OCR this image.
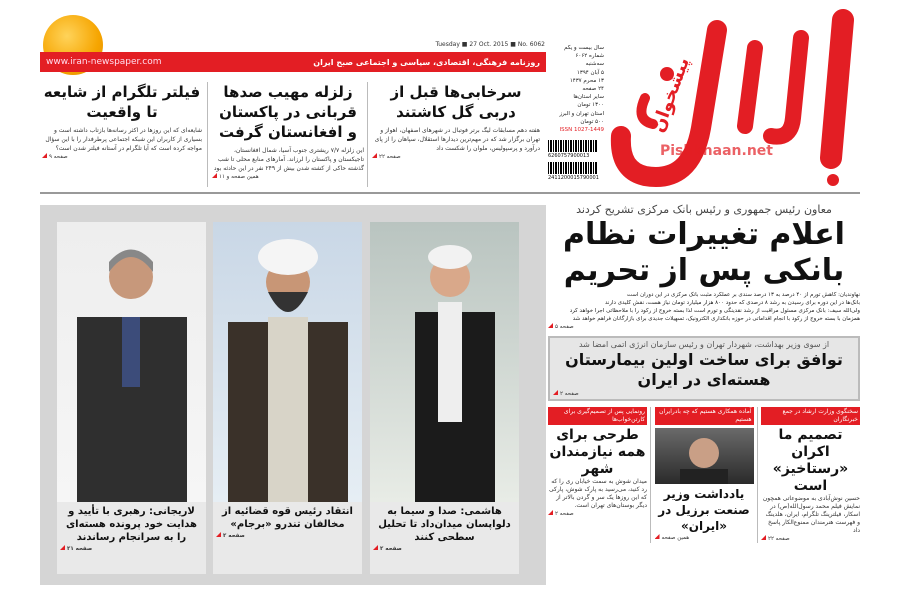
Tuesday ■ 27 Oct. 2015 ■ No. 6062
www.iran-newspaper.com	روزنامه فرهنگی، اقتصادی، سیاسی و اجتماعی صبح ایران	پیشخوان
Pishkhaan.net
سال بیست و یکم
شماره ۶۰۶۲
سه‌شنبه
۵ آبان ۱۳۹۴
۱۳ محرم ۱۴۳۷
۲۴ صفحه
سایر استان‌ها
۱۳۰۰ تومان
استان تهران و البرز
۵۰۰ تومان
ISSN 1027-1449
6260757900013
2411200015790001
سرخابی‌ها قبل از دربی گل کاشتند

هفته دهم مسابقات لیگ برتر فوتبال در شهرهای اصفهان، اهواز و تهران برگزار شد که در مهم‌ترین دیدارها استقلال، سپاهان را از پای درآورد و پرسپولیس، ملوان را شکست داد

صفحه ۲۲
زلزله مهیب صدها قربانی در پاکستان و افغانستان گرفت

این زلزله ۷/۷ ریشتری جنوب آسیا، شمال افغانستان، تاجیکستان و پاکستان را لرزاند. آمارهای منابع محلی تا شب گذشته حاکی از کشته شدن بیش از ۲۴۹ نفر در این حادثه بود

همین صفحه و ۱۱
فیلتر تلگرام از شایعه تا واقعیت

شایعه‌ای که این روزها در اکثر رسانه‌ها بازتاب داشته است و بسیاری از کاربران این شبکه اجتماعی پرطرفدار را با این سؤال مواجه کرده است که آیا تلگرام در آستانه فیلتر شدن است؟

صفحه ۹
هاشمی: صدا و سیما به دلواپسان میدان‌داد تا تحلیل سطحی کنند
صفحه ۲
انتقاد رئیس قوه قضائیه از مخالفان تندرو «برجام»
صفحه ۲
لاریجانی: رهبری با تأیید و هدایت خود پرونده هسته‌ای را به سرانجام رساندند
صفحه ۲۱
معاون رئیس جمهوری و رئیس بانک مرکزی تشریح کردند
اعلام تغییرات نظام بانکی پس از تحریم
نهاوندیان: کاهش تورم از ۴۰ درصد به ۱۳ درصد سندی بر عملکرد مثبت بانک مرکزی در این دوران است
بانک‌ها در این دوره برای رسیدن به رشد ۸ درصدی که حدود ۸۰۰ هزار میلیارد تومان نیاز هست، نقش کلیدی دارند
ولی‌الله سیف: بانک مرکزی مسئول مراقبت از رشد نقدینگی و تورم است لذا بسته خروج از رکود را با ملاحظاتی اجرا خواهد کرد
همزمان با بسته خروج از رکود با انجام اقداماتی در حوزه بانکداری الکترونیک، تسهیلات جدیدی برای بازارگانان فراهم خواهد شد
صفحه ۵
از سوی وزیر بهداشت، شهردار تهران و رئیس سازمان انرژی اتمی امضا شد
توافق برای ساخت اولین بیمارستان هسته‌ای در ایران
صفحه ۲
رونمایی پس از تصمیم‌گیری برای کارتن‌خواب‌ها
طرحی برای همه نیازمندان شهر

میدان شوش به سمت خیابان ری را که رد کنید، می‌رسید به پارک شوش، پارکی که این روزها یک سر و گردن بالاتر از دیگر بوستان‌های تهران است.

صفحه ۲
آماده همکاری هستیم که چه بادرایران هستیم
یادداشت وزیر صنعت برزیل در «ایران»
همین صفحه
سخنگوی وزارت ارشاد در جمع خبرنگاران
تصمیم ما اکران «رستاخیز» است

حسین نوش‌آبادی به موضوعاتی همچون نمایش فیلم محمد رسول‌الله(ص) در اسکار، فیلترینگ تلگرام، ایران، هلدینگ و فهرست هنرمندان ممنوع‌الکار پاسخ داد

صفحه ۲۲
